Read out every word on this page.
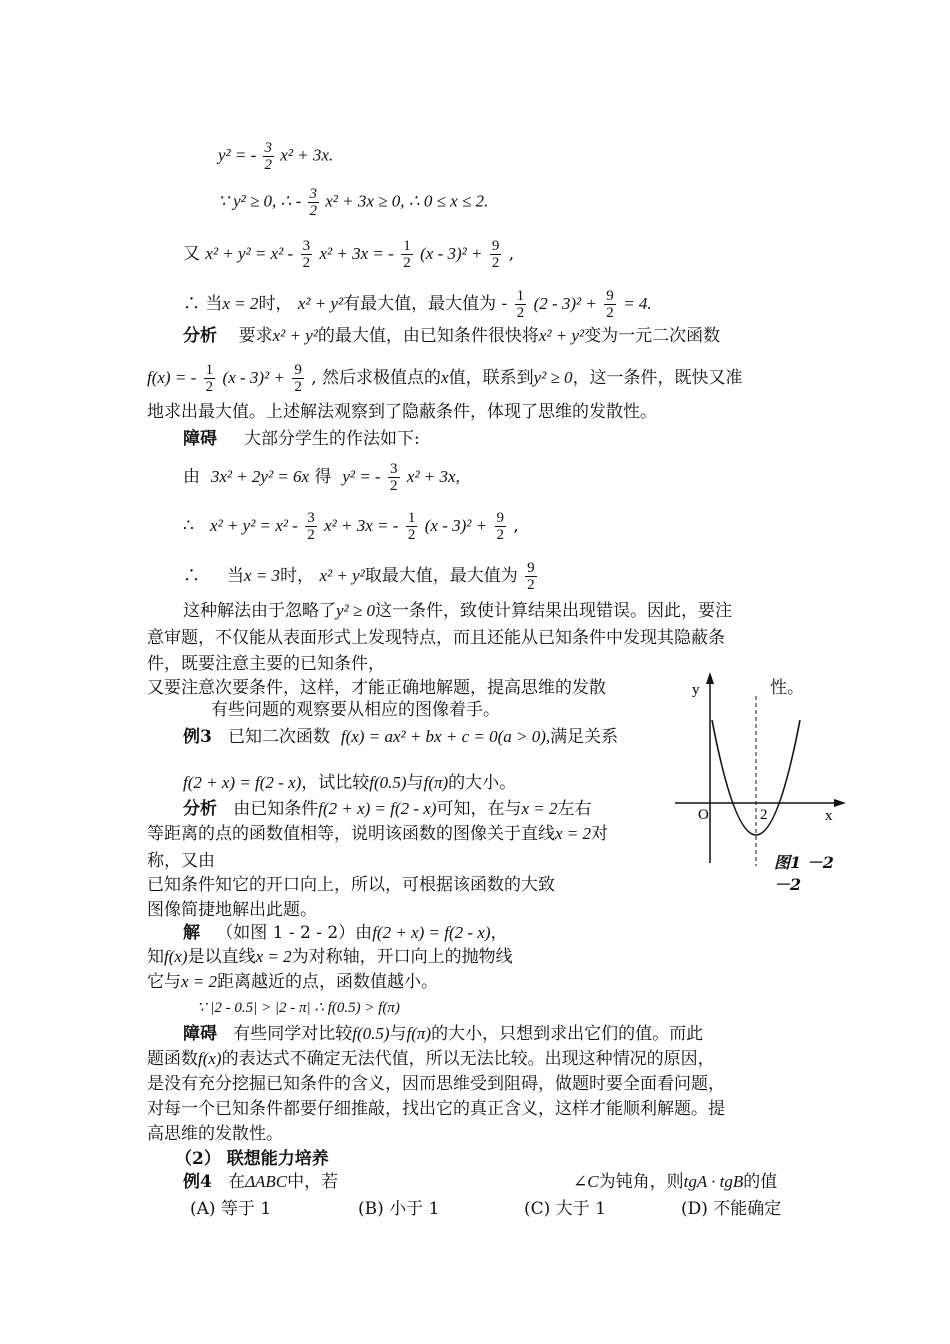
y² = - $\frac{3}{2} x^2 + 3x$.
∵ y² ≥ 0, ∴ - $\frac{3}{2} x^2 + 3x \ge 0$, ∴ 0 ≤ x ≤ 2.
又 $x^2 + y^2 = x^2 - \frac{3}{2} x^2 + 3x$ = - $\frac{1}{2} (x - 3)^2 + \frac{9}{2}$ ,
∴ 当x = 2时， x² + y²有最大值，最大值为 - $\frac{1}{2} (2 - 3)^2 + \frac{9}{2} = 4$.
分析 要求x² + y²的最大值，由已知条件很快将x² + y²变为一元二次函数
f(x) = - $\frac{1}{2} (x - 3)^2 + \frac{9}{2}$ , 然后求极值点的x值，联系到y² ≥ 0，这一条件，既快又准
地求出最大值。上述解法观察到了隐蔽条件，体现了思维的发散性。
障碍 大部分学生的作法如下:
由 3x² + 2y² = 6x 得 y² = - $\frac{3}{2} x^2 + 3x$,
∴ $x^2 + y^2 = x^2 - \frac{3}{2} x^2 + 3x$ = - $\frac{1}{2} (x - 3)^2 + \frac{9}{2}$ ,
∴ 当x = 3时， x² + y²取最大值，最大值为 $\frac{9}{2}$
这种解法由于忽略了y² ≥ 0这一条件，致使计算结果出现错误。因此，要注
意审题，不仅能从表面形式上发现特点，而且还能从已知条件中发现其隐蔽条
件，既要注意主要的已知条件，
又要注意次要条件，这样，才能正确地解题，提高思维的发散	性。
有些问题的观察要从相应的图像着手。
例3 已知二次函数 f(x) = ax² + bx + c = 0(a > 0),满足关系
f(2 + x) = f(2 - x)，试比较f(0.5)与f(π)的大小。
分析 由已知条件f(2 + x) = f(2 - x)可知，在与x = 2左右
等距离的点的函数值相等，说明该函数的图像关于直线x = 2对
称，又由
已知条件知它的开口向上，所以，可根据该函数的大致
图像简捷地解出此题。
解 （如图 1 - 2 - 2）由f(2 + x) = f(2 - x)，
知f(x)是以直线x = 2为对称轴，开口向上的抛物线
它与x = 2距离越近的点，函数值越小。
∵ |2 - 0.5| > |2 - π| ∴ f(0.5) > f(π)
障碍 有些同学对比较f(0.5)与f(π)的大小，只想到求出它们的值。而此
题函数f(x)的表达式不确定无法代值，所以无法比较。出现这种情况的原因，
是没有充分挖掘已知条件的含义，因而思维受到阻碍，做题时要全面看问题，
对每一个已知条件都要仔细推敲，找出它的真正含义，这样才能顺利解题。提
高思维的发散性。
（2） 联想能力培养
例4 在ΔABC中，若	∠C为钝角，则tgA · tgB的值
(A) 等于 1	(B) 小于 1	(C) 大于 1	(D) 不能确定
y
x
O	2
图1 －2
－2
